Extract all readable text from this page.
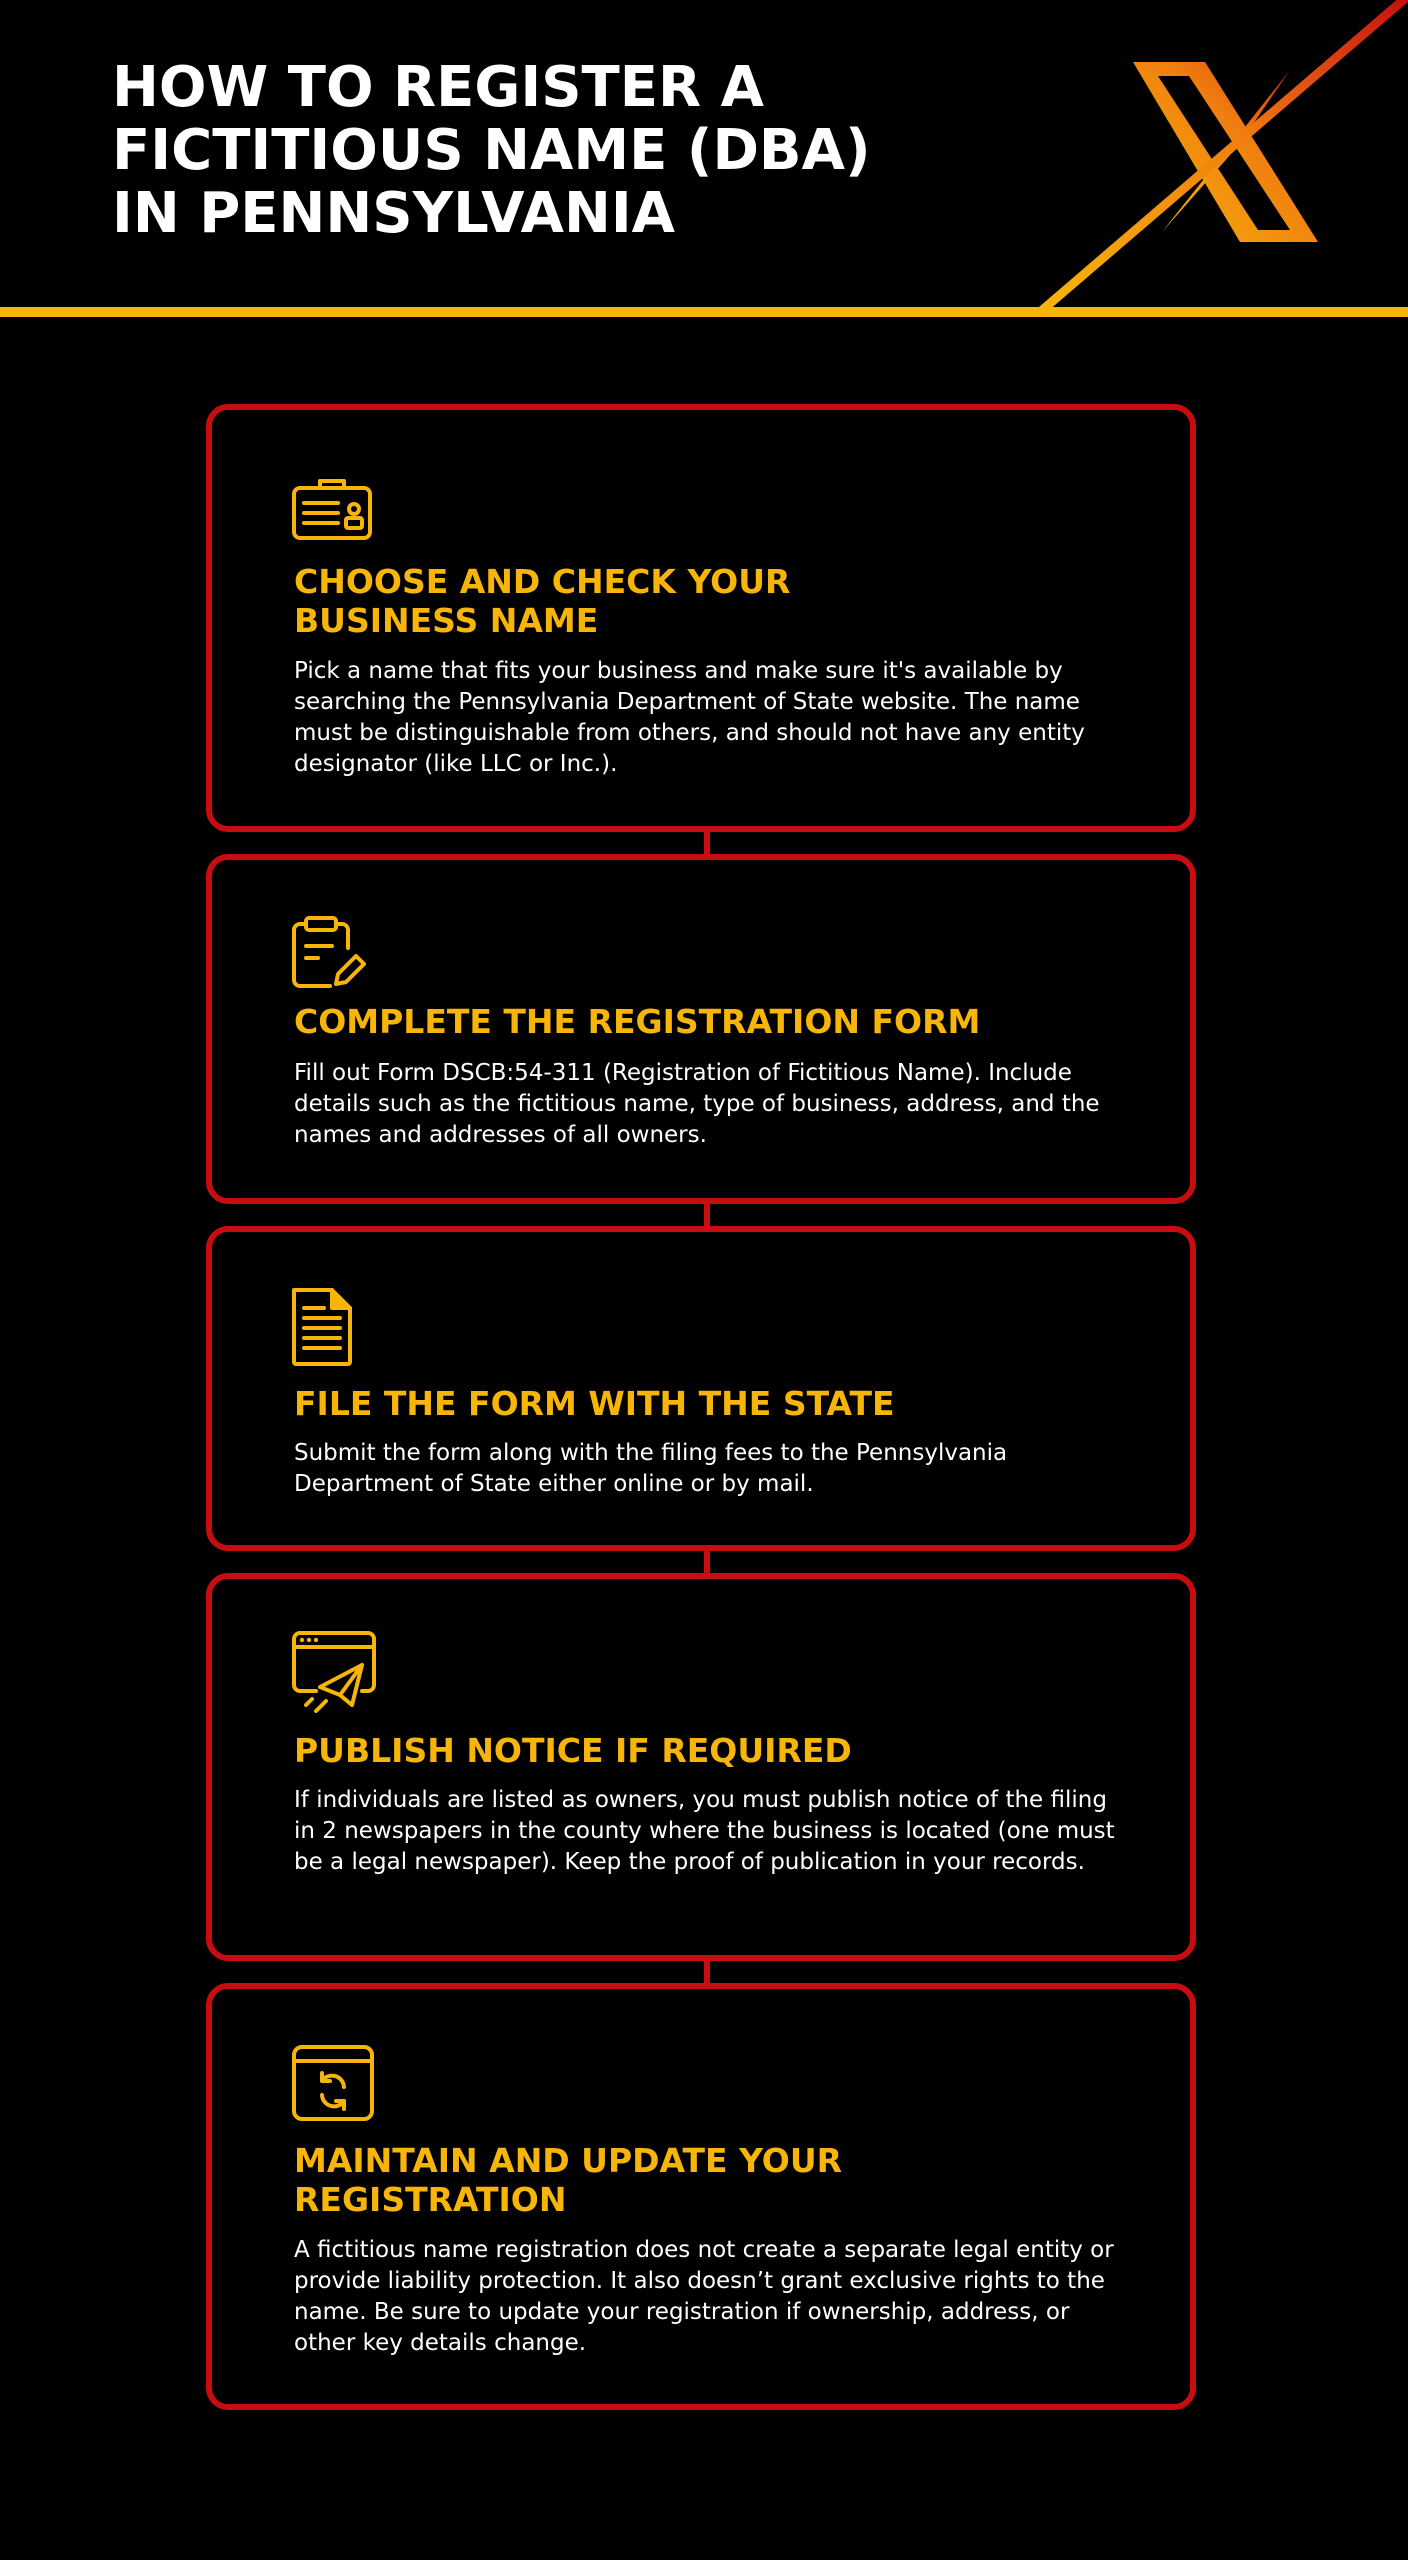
HOW TO REGISTER A
FICTITIOUS NAME (DBA)
IN PENNSYLVANIA
CHOOSE AND CHECK YOUR
BUSINESS NAME

Pick a name that fits your business and make sure it's available by searching the Pennsylvania Department of State website. The name must be distinguishable from others, and should not have any entity designator (like LLC or Inc.).

COMPLETE THE REGISTRATION FORM

Fill out Form DSCB:54-311 (Registration of Fictitious Name). Include details such as the fictitious name, type of business, address, and the names and addresses of all owners.

FILE THE FORM WITH THE STATE

Submit the form along with the filing fees to the Pennsylvania Department of State either online or by mail.

PUBLISH NOTICE IF REQUIRED

If individuals are listed as owners, you must publish notice of the filing in 2 newspapers in the county where the business is located (one must be a legal newspaper). Keep the proof of publication in your records.

MAINTAIN AND UPDATE YOUR
REGISTRATION

A fictitious name registration does not create a separate legal entity or provide liability protection. It also doesn’t grant exclusive rights to the name. Be sure to update your registration if ownership, address, or other key details change.
